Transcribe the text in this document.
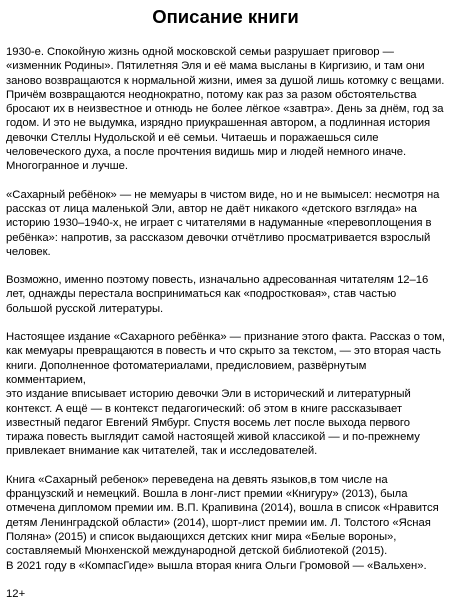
Описание книги

1930-е. Спокойную жизнь одной московской семьи разрушает приговор —
«изменник Родины». Пятилетняя Эля и её мама высланы в Киргизию, и там они
заново возвращаются к нормальной жизни, имея за душой лишь котомку с вещами.
Причём возвращаются неоднократно, потому как раз за разом обстоятельства
бросают их в неизвестное и отнюдь не более лёгкое «завтра». День за днём, год за
годом. И это не выдумка, изрядно приукрашенная автором, а подлинная история
девочки Стеллы Нудольской и её семьи. Читаешь и поражаешься силе
человеческого духа, а после прочтения видишь мир и людей немного иначе.
Многогранное и лучше.

«Сахарный ребёнок» — не мемуары в чистом виде, но и не вымысел: несмотря на
рассказ от лица маленькой Эли, автор не даёт никакого «детского взгляда» на
историю 1930–1940-х, не играет с читателями в надуманные «перевоплощения в
ребёнка»: напротив, за рассказом девочки отчётливо просматривается взрослый
человек.

Возможно, именно поэтому повесть, изначально адресованная читателям 12–16
лет, однажды перестала восприниматься как «подростковая», став частью
большой русской литературы.

Настоящее издание «Сахарного ребёнка» — признание этого факта. Рассказ о том,
как мемуары превращаются в повесть и что скрыто за текстом, — это вторая часть
книги. Дополненное фотоматериалами, предисловием, развёрнутым комментарием,
это издание вписывает историю девочки Эли в исторический и литературный
контекст. А ещё — в контекст педагогический: об этом в книге рассказывает
известный педагог Евгений Ямбург. Спустя восемь лет после выхода первого
тиража повесть выглядит самой настоящей живой классикой — и по-прежнему
привлекает внимание как читателей, так и исследователей.

Книга «Сахарный ребенок» переведена на девять языков,в том числе на
французский и немецкий. Вошла в лонг-лист премии «Книгуру» (2013), была
отмечена дипломом премии им. В.П. Крапивина (2014), вошла в список «Нравится
детям Ленинградской области» (2014), шорт-лист премии им. Л. Толстого «Ясная
Поляна» (2015) и список выдающихся детских книг мира «Белые вороны»,
составляемый Мюнхенской международной детской библиотекой (2015).
В 2021 году в «КомпасГиде» вышла вторая книга Ольги Громовой — «Вальхен».

12+
